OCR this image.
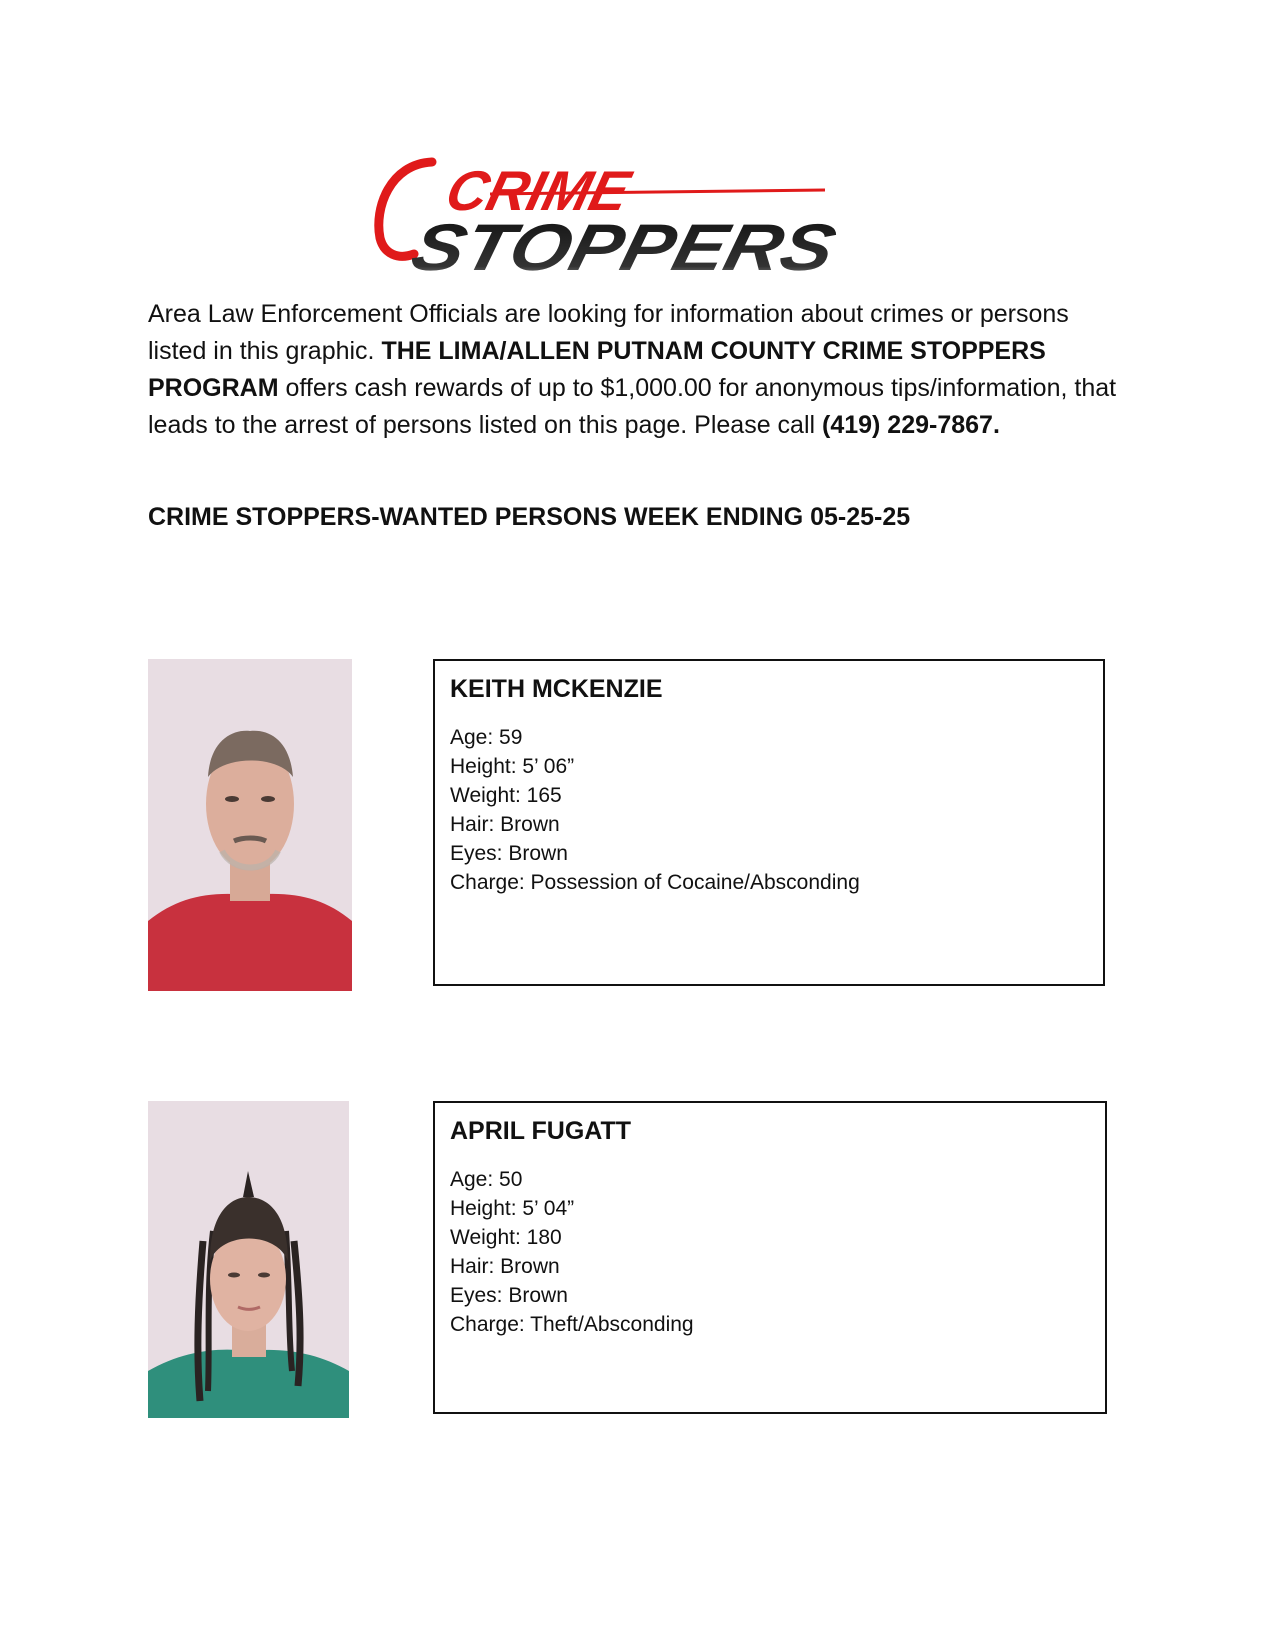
CRIME
STOPPERS

Area Law Enforcement Officials are looking for information about crimes or persons listed in this graphic. THE LIMA/ALLEN PUTNAM COUNTY CRIME STOPPERS PROGRAM offers cash rewards of up to $1,000.00 for anonymous tips/information, that leads to the arrest of persons listed on this page. Please call (419) 229-7867.

CRIME STOPPERS-WANTED PERSONS WEEK ENDING 05-25-25
KEITH MCKENZIE

Age: 59

Height: 5’ 06”

Weight: 165

Hair: Brown

Eyes: Brown

Charge: Possession of Cocaine/Absconding

APRIL FUGATT

Age: 50

Height: 5’ 04”

Weight: 180

Hair: Brown

Eyes: Brown

Charge: Theft/Absconding
